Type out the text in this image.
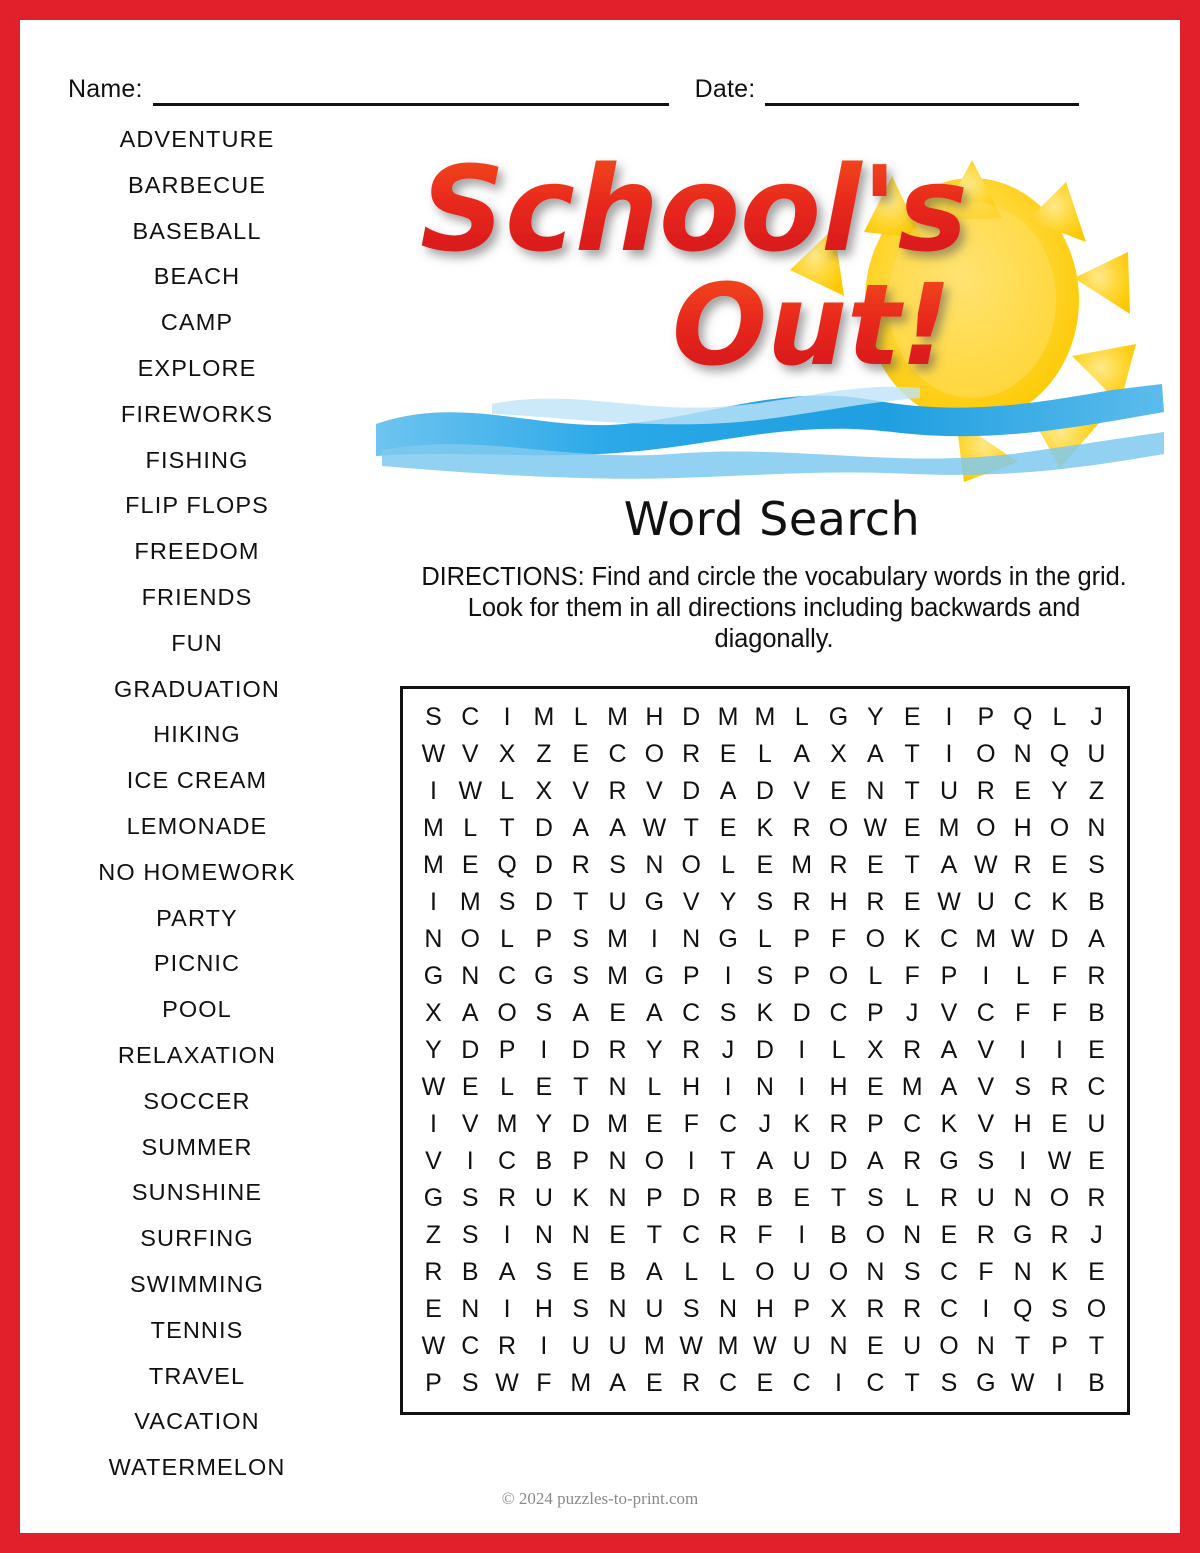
Name:	Date:
ADVENTURE
BARBECUE
BASEBALL
BEACH
CAMP
EXPLORE
FIREWORKS
FISHING
FLIP FLOPS
FREEDOM
FRIENDS
FUN
GRADUATION
HIKING
ICE CREAM
LEMONADE
NO HOMEWORK
PARTY
PICNIC
POOL
RELAXATION
SOCCER
SUMMER
SUNSHINE
SURFING
SWIMMING
TENNIS
TRAVEL
VACATION
WATERMELON
School's
Out!
Word Search
DIRECTIONS: Find and circle the vocabulary words in the grid. Look for them in all directions including backwards and diagonally.
S	C	I	M	L	M	H	D	M	M	L	G	Y	E	I	P	Q	L	J
W	V	X	Z	E	C	O	R	E	L	A	X	A	T	I	O	N	Q	U
I	W	L	X	V	R	V	D	A	D	V	E	N	T	U	R	E	Y	Z
M	L	T	D	A	A	W	T	E	K	R	O	W	E	M	O	H	O	N
M	E	Q	D	R	S	N	O	L	E	M	R	E	T	A	W	R	E	S
I	M	S	D	T	U	G	V	Y	S	R	H	R	E	W	U	C	K	B
N	O	L	P	S	M	I	N	G	L	P	F	O	K	C	M	W	D	A
G	N	C	G	S	M	G	P	I	S	P	O	L	F	P	I	L	F	R
X	A	O	S	A	E	A	C	S	K	D	C	P	J	V	C	F	F	B
Y	D	P	I	D	R	Y	R	J	D	I	L	X	R	A	V	I	I	E
W	E	L	E	T	N	L	H	I	N	I	H	E	M	A	V	S	R	C
I	V	M	Y	D	M	E	F	C	J	K	R	P	C	K	V	H	E	U
V	I	C	B	P	N	O	I	T	A	U	D	A	R	G	S	I	W	E
G	S	R	U	K	N	P	D	R	B	E	T	S	L	R	U	N	O	R
Z	S	I	N	N	E	T	C	R	F	I	B	O	N	E	R	G	R	J
R	B	A	S	E	B	A	L	L	O	U	O	N	S	C	F	N	K	E
E	N	I	H	S	N	U	S	N	H	P	X	R	R	C	I	Q	S	O
W	C	R	I	U	U	M	W	M	W	U	N	E	U	O	N	T	P	T
P	S	W	F	M	A	E	R	C	E	C	I	C	T	S	G	W	I	B
© 2024 puzzles-to-print.com
